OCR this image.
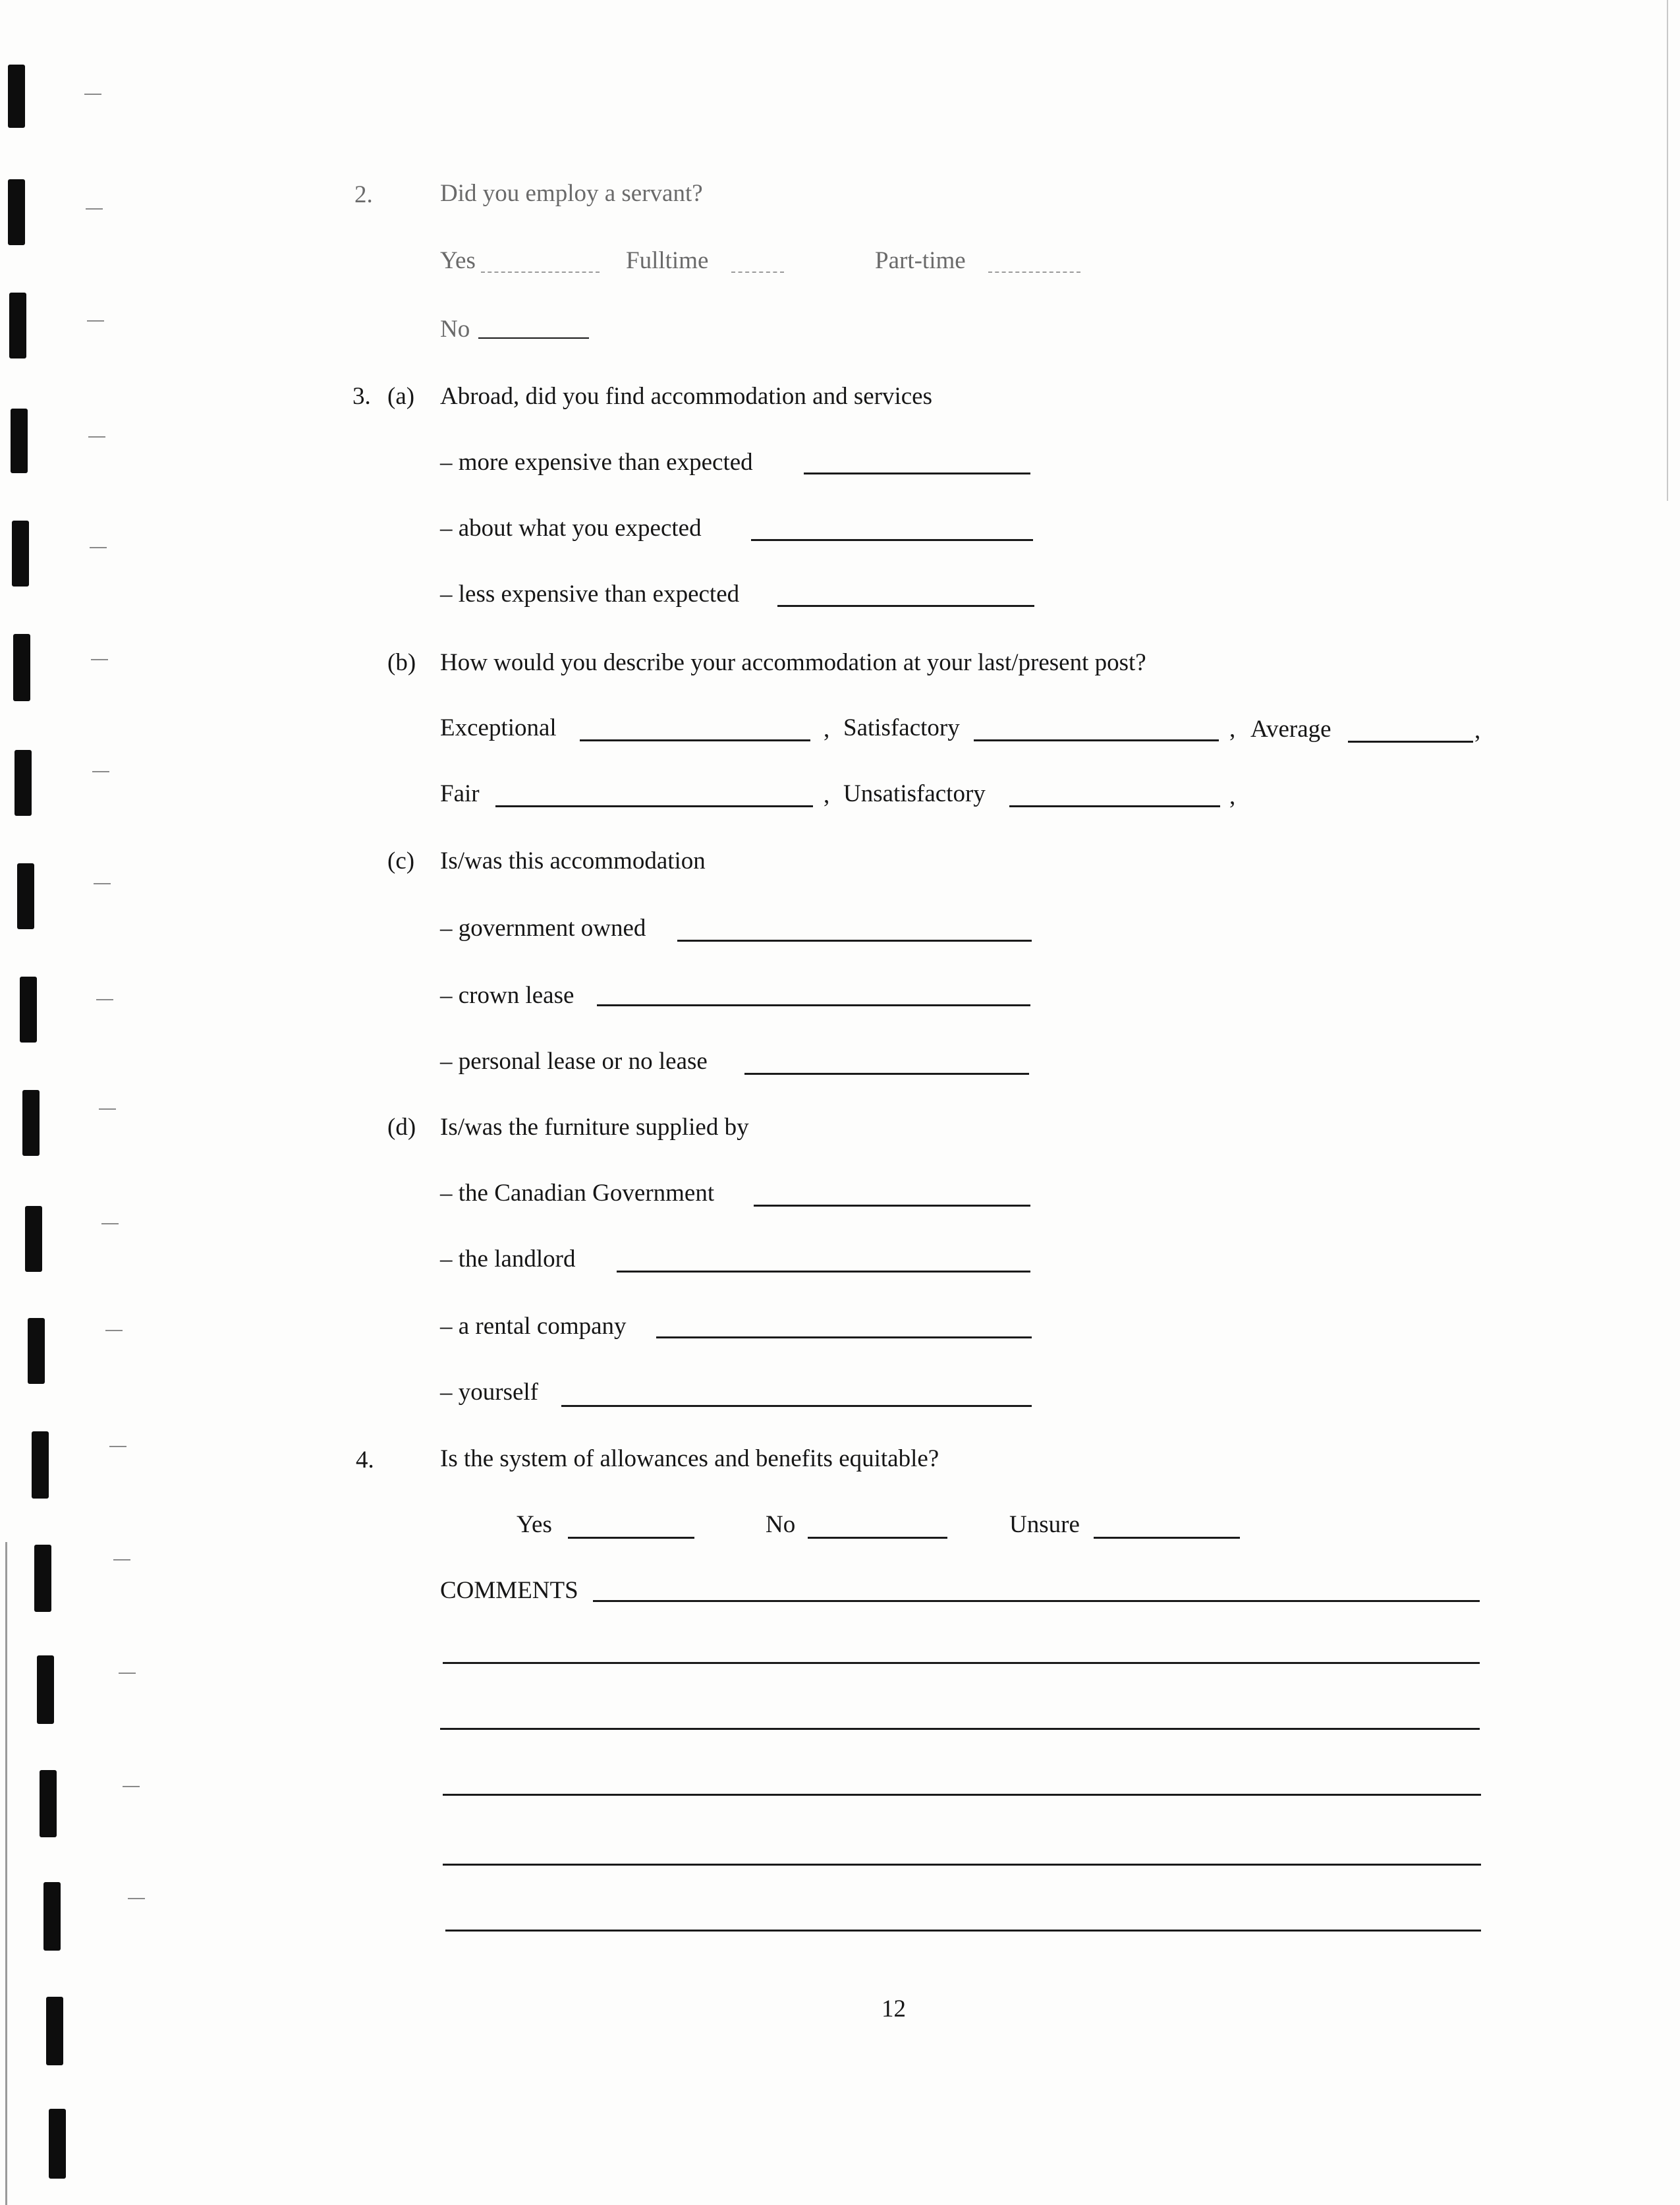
2.	Did you employ a servant?
Yes	Fulltime	Part-time
No
3. (a) Abroad, did you find accommodation and services
– more expensive than expected
– about what you expected
– less expensive than expected
(b) How would you describe your accommodation at your last/present post?
Exceptional	, Satisfactory	, Average	,
Fair	, Unsatisfactory	,
(c) Is/was this accommodation
– government owned
– crown lease
– personal lease or no lease
(d) Is/was the furniture supplied by
– the Canadian Government
– the landlord
– a rental company
– yourself
4.	Is the system of allowances and benefits equitable?
Yes	No	Unsure
COMMENTS
12
